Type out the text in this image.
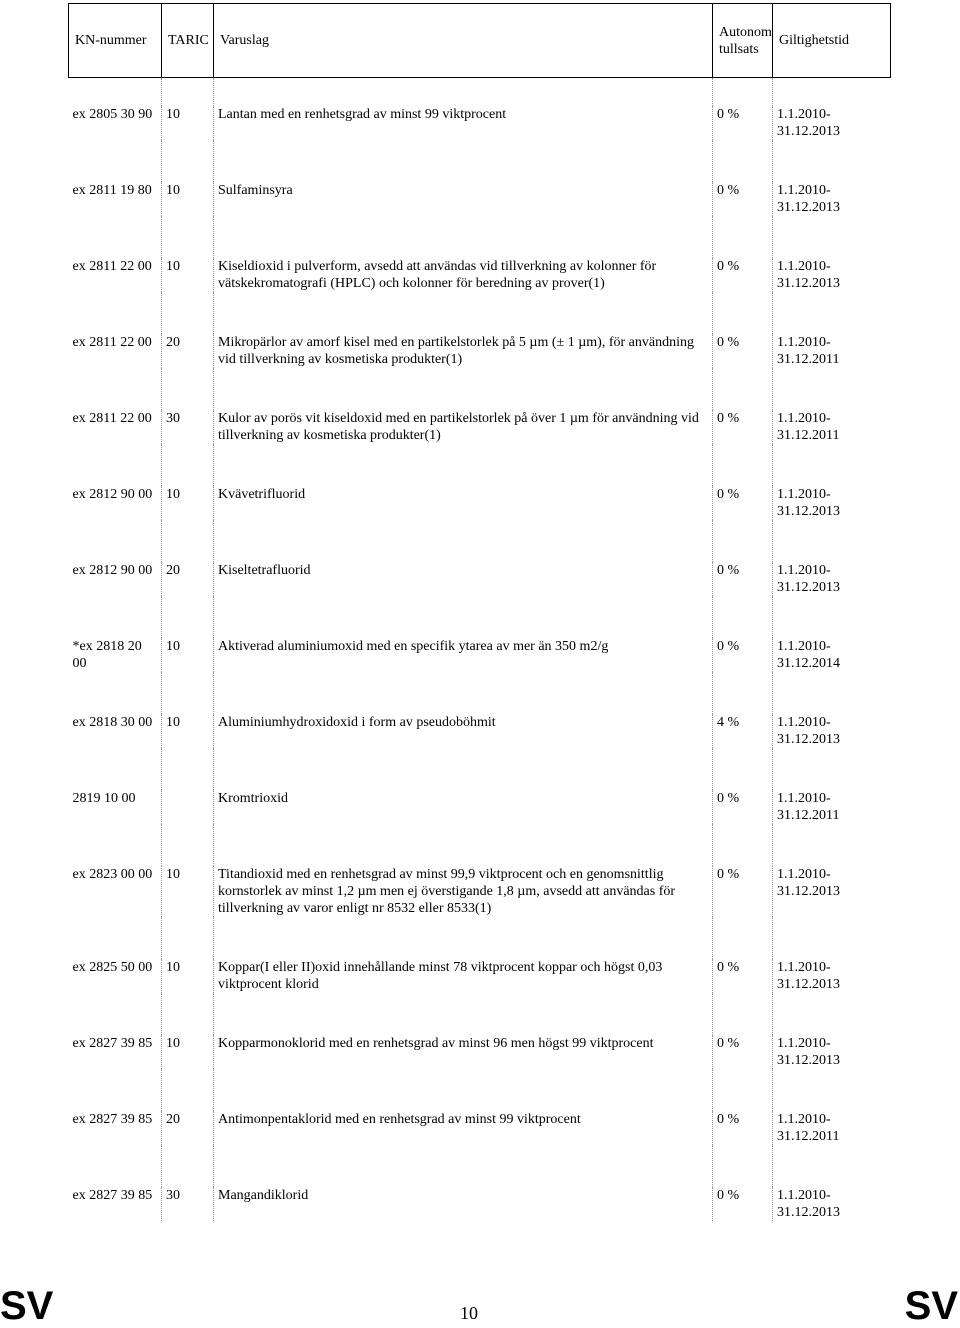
KN-nummer	TARIC	Varuslag	Autonom
tullsats	Giltighetstid

ex 2805 30 90	10	Lantan med en renhetsgrad av minst 99 viktprocent	0 %	1.1.2010-
31.12.2013

ex 2811 19 80	10	Sulfaminsyra	0 %	1.1.2010-
31.12.2013

ex 2811 22 00	10	Kiseldioxid i pulverform, avsedd att användas vid tillverkning av kolonner för vätskekromatografi (HPLC) och kolonner för beredning av prover(1)	0 %	1.1.2010-
31.12.2013

ex 2811 22 00	20	Mikropärlor av amorf kisel med en partikelstorlek på 5 µm (± 1 µm), för användning vid tillverkning av kosmetiska produkter(1)	0 %	1.1.2010-
31.12.2011

ex 2811 22 00	30	Kulor av porös vit kiseldoxid med en partikelstorlek på över 1 µm för användning vid tillverkning av kosmetiska produkter(1)	0 %	1.1.2010-
31.12.2011

ex 2812 90 00	10	Kvävetrifluorid	0 %	1.1.2010-
31.12.2013

ex 2812 90 00	20	Kiseltetrafluorid	0 %	1.1.2010-
31.12.2013

*ex 2818 20 00	10	Aktiverad aluminiumoxid med en specifik ytarea av mer än 350 m2/g	0 %	1.1.2010-
31.12.2014

ex 2818 30 00	10	Aluminiumhydroxidoxid i form av pseudoböhmit	4 %	1.1.2010-
31.12.2013

2819 10 00		Kromtrioxid	0 %	1.1.2010-
31.12.2011

ex 2823 00 00	10	Titandioxid med en renhetsgrad av minst 99,9 viktprocent och en genomsnittlig kornstorlek av minst 1,2 µm men ej överstigande 1,8 µm, avsedd att användas för tillverkning av varor enligt nr 8532 eller 8533(1)	0 %	1.1.2010-
31.12.2013

ex 2825 50 00	10	Koppar(I eller II)oxid innehållande minst 78 viktprocent koppar och högst 0,03 viktprocent klorid	0 %	1.1.2010-
31.12.2013

ex 2827 39 85	10	Kopparmonoklorid med en renhetsgrad av minst 96 men högst 99 viktprocent	0 %	1.1.2010-
31.12.2013

ex 2827 39 85	20	Antimonpentaklorid med en renhetsgrad av minst 99 viktprocent	0 %	1.1.2010-
31.12.2011

ex 2827 39 85	30	Mangandiklorid	0 %	1.1.2010-
31.12.2013
SV	10	SV
